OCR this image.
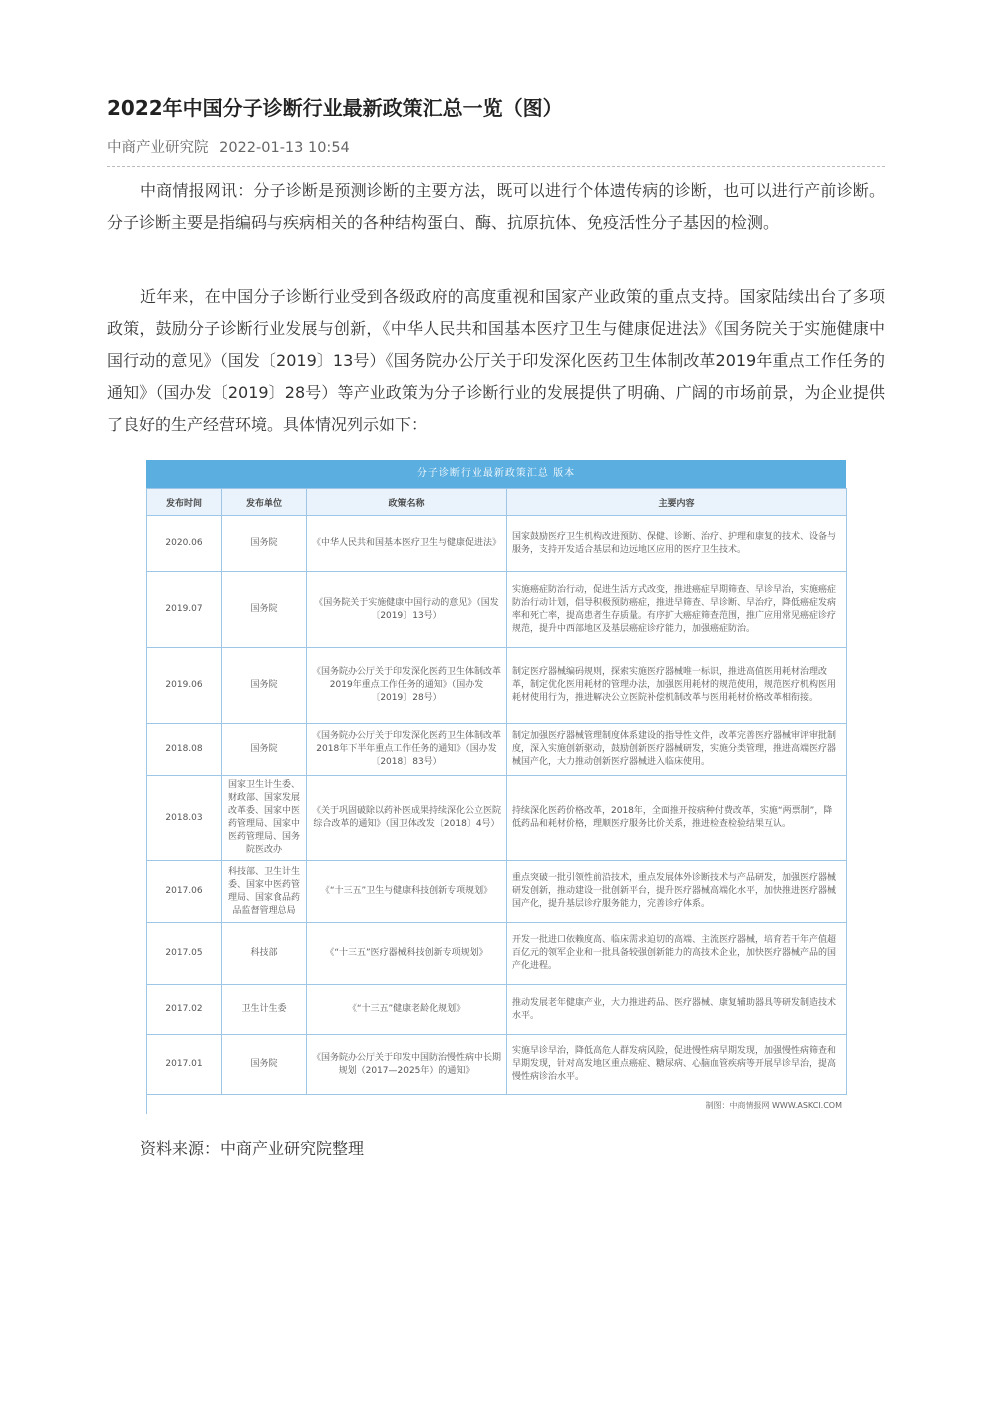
2022年中国分子诊断行业最新政策汇总一览（图）
中商产业研究院 2022-01-13 10:54

中商情报网讯：分子诊断是预测诊断的主要方法，既可以进行个体遗传病的诊断，也可以进行产前诊断。分子诊断主要是指编码与疾病相关的各种结构蛋白、酶、抗原抗体、免疫活性分子基因的检测。

近年来，在中国分子诊断行业受到各级政府的高度重视和国家产业政策的重点支持。国家陆续出台了多项政策，鼓励分子诊断行业发展与创新，《中华人民共和国基本医疗卫生与健康促进法》《国务院关于实施健康中国行动的意见》（国发〔2019〕13号）《国务院办公厅关于印发深化医药卫生体制改革2019年重点工作任务的通知》（国办发〔2019〕28号）等产业政策为分子诊断行业的发展提供了明确、广阔的市场前景，为企业提供了良好的生产经营环境。具体情况列示如下：

分子诊断行业最新政策汇总 版本
发布时间	发布单位	政策名称	主要内容
2020.06	国务院	《中华人民共和国基本医疗卫生与健康促进法》	国家鼓励医疗卫生机构改进预防、保健、诊断、治疗、护理和康复的技术、设备与服务，支持开发适合基层和边远地区应用的医疗卫生技术。
2019.07	国务院	《国务院关于实施健康中国行动的意见》（国发〔2019〕13号）	实施癌症防治行动，促进生活方式改变，推进癌症早期筛查、早诊早治，实施癌症防治行动计划，倡导积极预防癌症，推进早筛查、早诊断、早治疗，降低癌症发病率和死亡率，提高患者生存质量。有序扩大癌症筛查范围，推广应用常见癌症诊疗规范，提升中西部地区及基层癌症诊疗能力，加强癌症防治。
2019.06	国务院	《国务院办公厅关于印发深化医药卫生体制改革2019年重点工作任务的通知》（国办发〔2019〕28号）	制定医疗器械编码规则，探索实施医疗器械唯一标识，推进高值医用耗材治理改革，制定优化医用耗材的管理办法，加强医用耗材的规范使用，规范医疗机构医用耗材使用行为，推进解决公立医院补偿机制改革与医用耗材价格改革相衔接。
2018.08	国务院	《国务院办公厅关于印发深化医药卫生体制改革2018年下半年重点工作任务的通知》（国办发〔2018〕83号）	制定加强医疗器械管理制度体系建设的指导性文件，改革完善医疗器械审评审批制度，深入实施创新驱动，鼓励创新医疗器械研发，实施分类管理，推进高端医疗器械国产化，大力推动创新医疗器械进入临床使用。
2018.03	国家卫生计生委、财政部、国家发展改革委、国家中医药管理局、国家中医药管理局、国务院医改办	《关于巩固破除以药补医成果持续深化公立医院综合改革的通知》（国卫体改发〔2018〕4号）	持续深化医药价格改革，2018年，全面推开按病种付费改革，实施“两票制”，降低药品和耗材价格，理顺医疗服务比价关系，推进检查检验结果互认。
2017.06	科技部、卫生计生委、国家中医药管理局、国家食品药品监督管理总局	《“十三五”卫生与健康科技创新专项规划》	重点突破一批引领性前沿技术，重点发展体外诊断技术与产品研发，加强医疗器械研发创新，推动建设一批创新平台，提升医疗器械高端化水平，加快推进医疗器械国产化，提升基层诊疗服务能力，完善诊疗体系。
2017.05	科技部	《“十三五”医疗器械科技创新专项规划》	开发一批进口依赖度高、临床需求迫切的高端、主流医疗器械，培育若干年产值超百亿元的领军企业和一批具备较强创新能力的高技术企业，加快医疗器械产品的国产化进程。
2017.02	卫生计生委	《“十三五”健康老龄化规划》	推动发展老年健康产业，大力推进药品、医疗器械、康复辅助器具等研发制造技术水平。
2017.01	国务院	《国务院办公厅关于印发中国防治慢性病中长期规划（2017—2025年）的通知》	实施早诊早治，降低高危人群发病风险，促进慢性病早期发现，加强慢性病筛查和早期发现，针对高发地区重点癌症、糖尿病、心脑血管疾病等开展早诊早治，提高慢性病诊治水平。
制图：中商情报网 WWW.ASKCI.COM
资料来源：中商产业研究院整理
